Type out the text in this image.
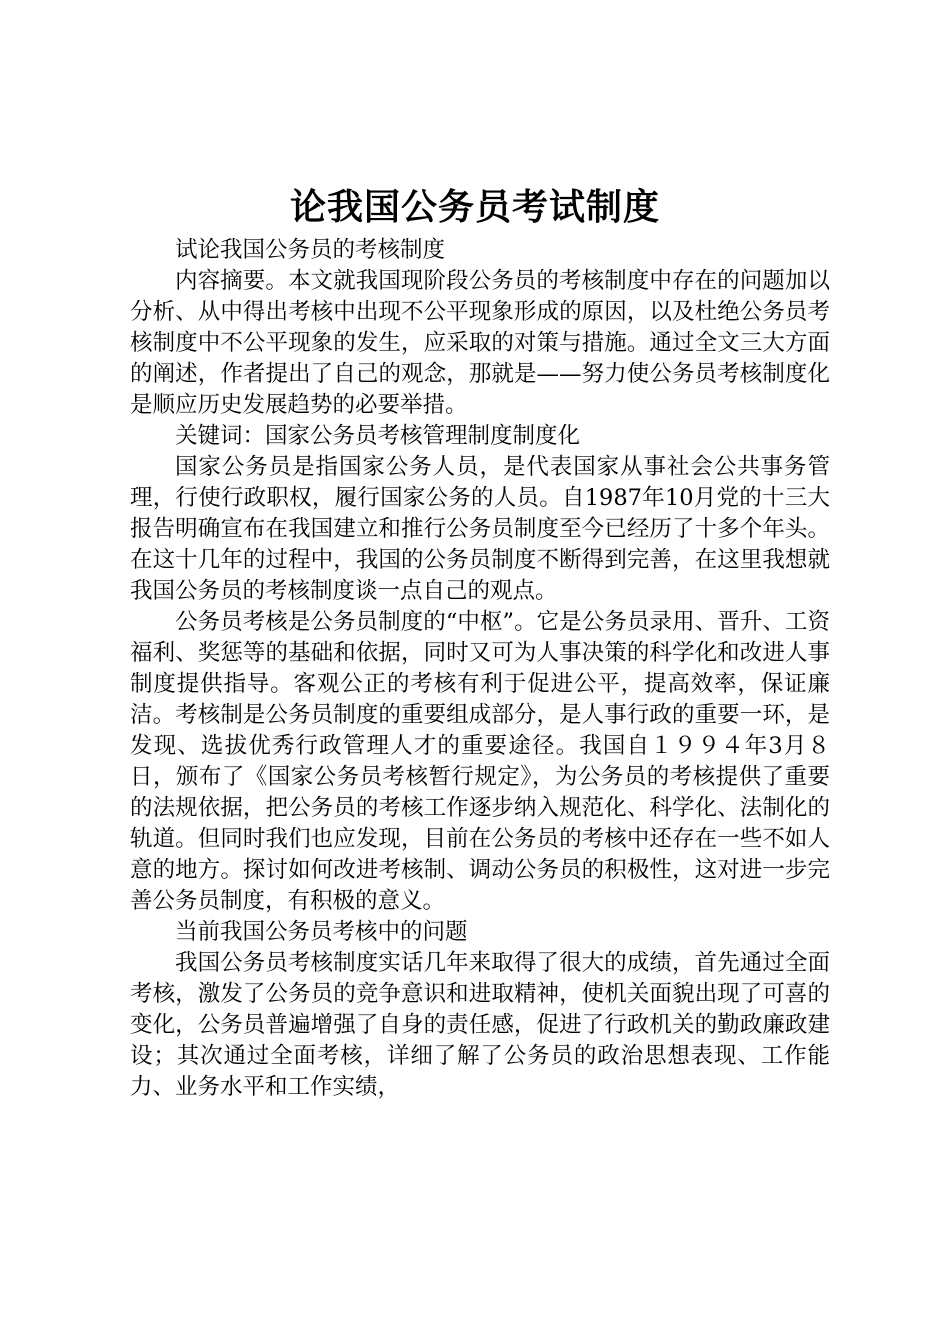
论我国公务员考试制度

试论我国公务员的考核制度

内容摘要。本文就我国现阶段公务员的考核制度中存在的问题加以分析、从中得出考核中出现不公平现象形成的原因，以及杜绝公务员考核制度中不公平现象的发生，应采取的对策与措施。通过全文三大方面的阐述，作者提出了自己的观念，那就是——努力使公务员考核制度化是顺应历史发展趋势的必要举措。

关键词：国家公务员考核管理制度制度化

国家公务员是指国家公务人员，是代表国家从事社会公共事务管理，行使行政职权，履行国家公务的人员。自1987年10月党的十三大报告明确宣布在我国建立和推行公务员制度至今已经历了十多个年头。在这十几年的过程中，我国的公务员制度不断得到完善，在这里我想就我国公务员的考核制度谈一点自己的观点。

公务员考核是公务员制度的“中枢”。它是公务员录用、晋升、工资福利、奖惩等的基础和依据，同时又可为人事决策的科学化和改进人事制度提供指导。客观公正的考核有利于促进公平，提高效率，保证廉洁。考核制是公务员制度的重要组成部分，是人事行政的重要一环，是发现、选拔优秀行政管理人才的重要途径。我国自１９９４年3月８日，颁布了《国家公务员考核暂行规定》，为公务员的考核提供了重要的法规依据，把公务员的考核工作逐步纳入规范化、科学化、法制化的轨道。但同时我们也应发现，目前在公务员的考核中还存在一些不如人意的地方。探讨如何改进考核制、调动公务员的积极性，这对进一步完善公务员制度，有积极的意义。

当前我国公务员考核中的问题

我国公务员考核制度实话几年来取得了很大的成绩，首先通过全面考核，激发了公务员的竞争意识和进取精神，使机关面貌出现了可喜的变化，公务员普遍增强了自身的责任感，促进了行政机关的勤政廉政建设；其次通过全面考核，详细了解了公务员的政治思想表现、工作能力、业务水平和工作实绩，
